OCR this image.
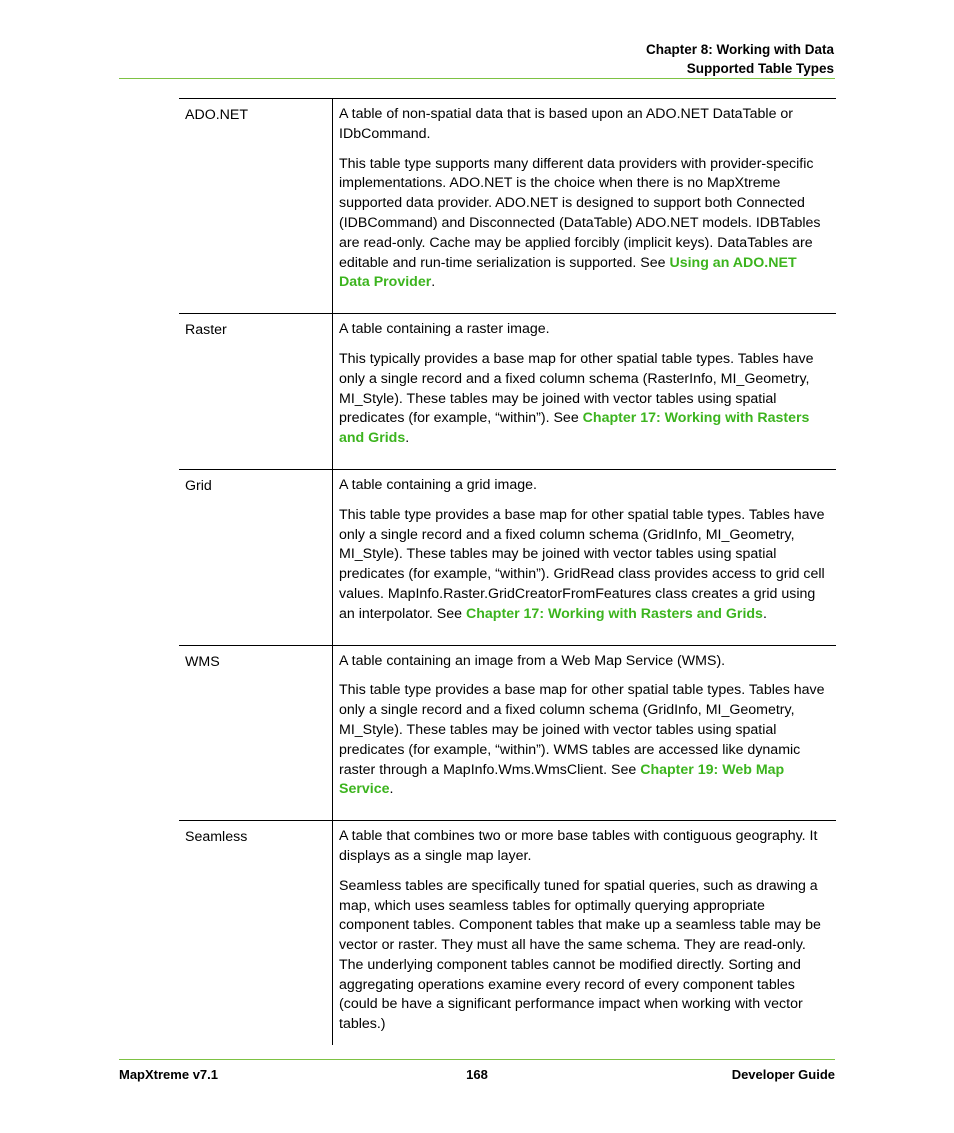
Chapter 8: Working with Data
Supported Table Types
ADO.NET	A table of non-spatial data that is based upon an ADO.NET DataTable or IDbCommand.

This table type supports many different data providers with provider-specific implementations. ADO.NET is the choice when there is no MapXtreme supported data provider. ADO.NET is designed to support both Connected (IDBCommand) and Disconnected (DataTable) ADO.NET models. IDBTables are read-only. Cache may be applied forcibly (implicit keys). DataTables are editable and run-time serialization is supported. See Using an ADO.NET Data Provider.

Raster	A table containing a raster image.

This typically provides a base map for other spatial table types. Tables have only a single record and a fixed column schema (RasterInfo, MI_Geometry, MI_Style). These tables may be joined with vector tables using spatial predicates (for example, “within”). See Chapter 17: Working with Rasters and Grids.

Grid	A table containing a grid image.

This table type provides a base map for other spatial table types. Tables have only a single record and a fixed column schema (GridInfo, MI_Geometry, MI_Style). These tables may be joined with vector tables using spatial predicates (for example, “within”). GridRead class provides access to grid cell values. MapInfo.Raster.GridCreatorFromFeatures class creates a grid using an interpolator. See Chapter 17: Working with Rasters and Grids.

WMS	A table containing an image from a Web Map Service (WMS).

This table type provides a base map for other spatial table types. Tables have only a single record and a fixed column schema (GridInfo, MI_Geometry, MI_Style). These tables may be joined with vector tables using spatial predicates (for example, “within”). WMS tables are accessed like dynamic raster through a MapInfo.Wms.WmsClient. See Chapter 19: Web Map Service.

Seamless	A table that combines two or more base tables with contiguous geography. It displays as a single map layer.

Seamless tables are specifically tuned for spatial queries, such as drawing a map, which uses seamless tables for optimally querying appropriate component tables. Component tables that make up a seamless table may be vector or raster. They must all have the same schema. They are read-only. The underlying component tables cannot be modified directly. Sorting and aggregating operations examine every record of every component tables (could be have a significant performance impact when working with vector tables.)

MapXtreme v7.1	168	Developer Guide
